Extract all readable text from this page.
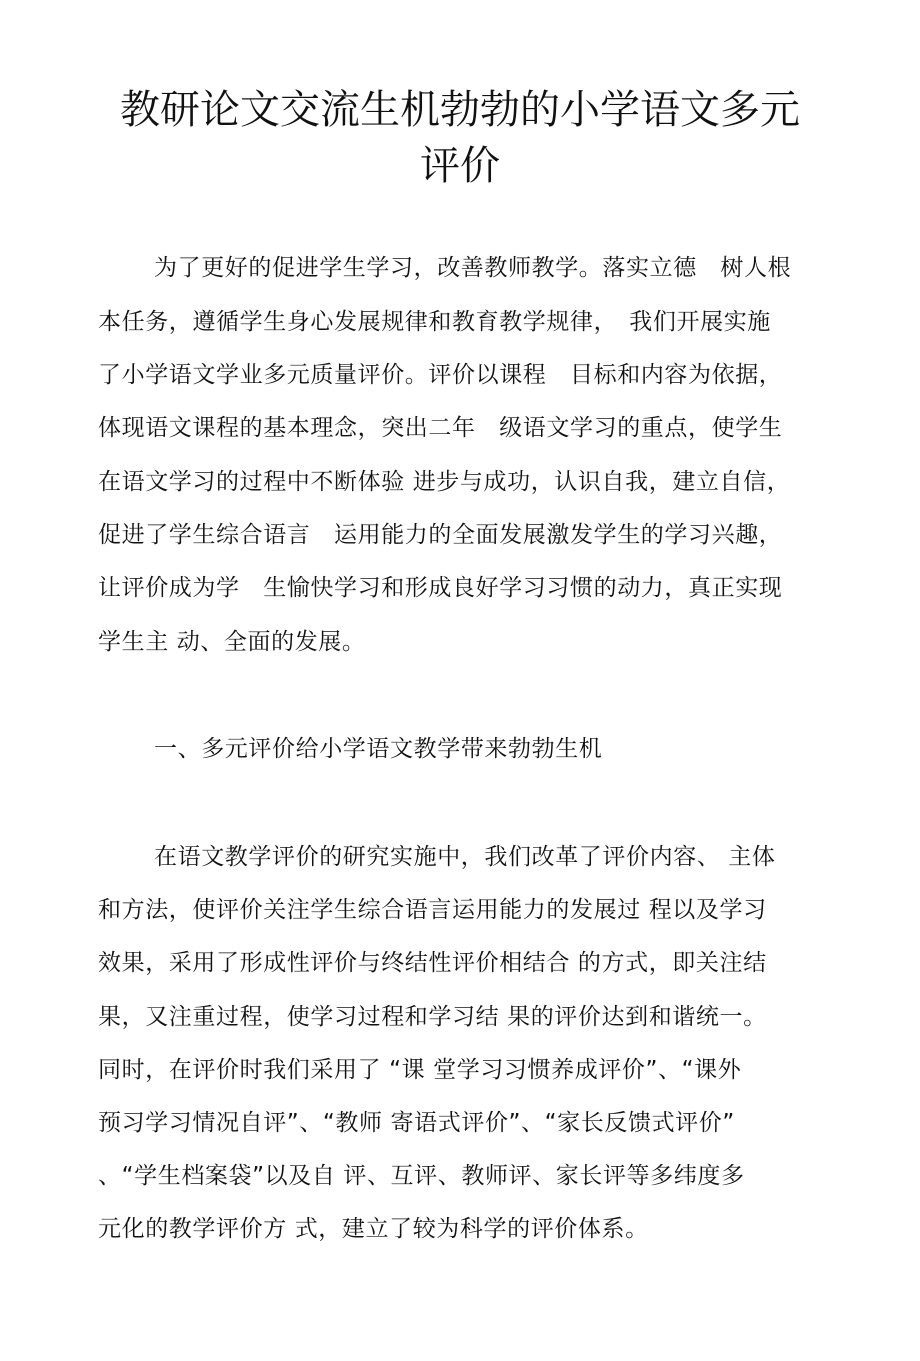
教研论文交流生机勃勃的小学语文多元
评价
为了更好的促进学生学习，改善教师教学。落实立德　树人根
本任务，遵循学生身心发展规律和教育教学规律，　我们开展实施
了小学语文学业多元质量评价。评价以课程　目标和内容为依据，
体现语文课程的基本理念，突出二年　级语文学习的重点，使学生
在语文学习的过程中不断体验 进步与成功，认识自我，建立自信，
促进了学生综合语言　运用能力的全面发展激发学生的学习兴趣，
让评价成为学　生愉快学习和形成良好学习习惯的动力，真正实现
学生主 动、全面的发展。
一、多元评价给小学语文教学带来勃勃生机
在语文教学评价的研究实施中，我们改革了评价内容、 主体
和方法，使评价关注学生综合语言运用能力的发展过 程以及学习
效果，采用了形成性评价与终结性评价相结合 的方式，即关注结
果，又注重过程，使学习过程和学习结 果的评价达到和谐统一。
同时，在评价时我们采用了 “课 堂学习习惯养成评价”、“课外
预习学习情况自评”、“教师 寄语式评价”、“家长反馈式评价”
、“学生档案袋”以及自 评、互评、教师评、家长评等多纬度多
元化的教学评价方 式，建立了较为科学的评价体系。
